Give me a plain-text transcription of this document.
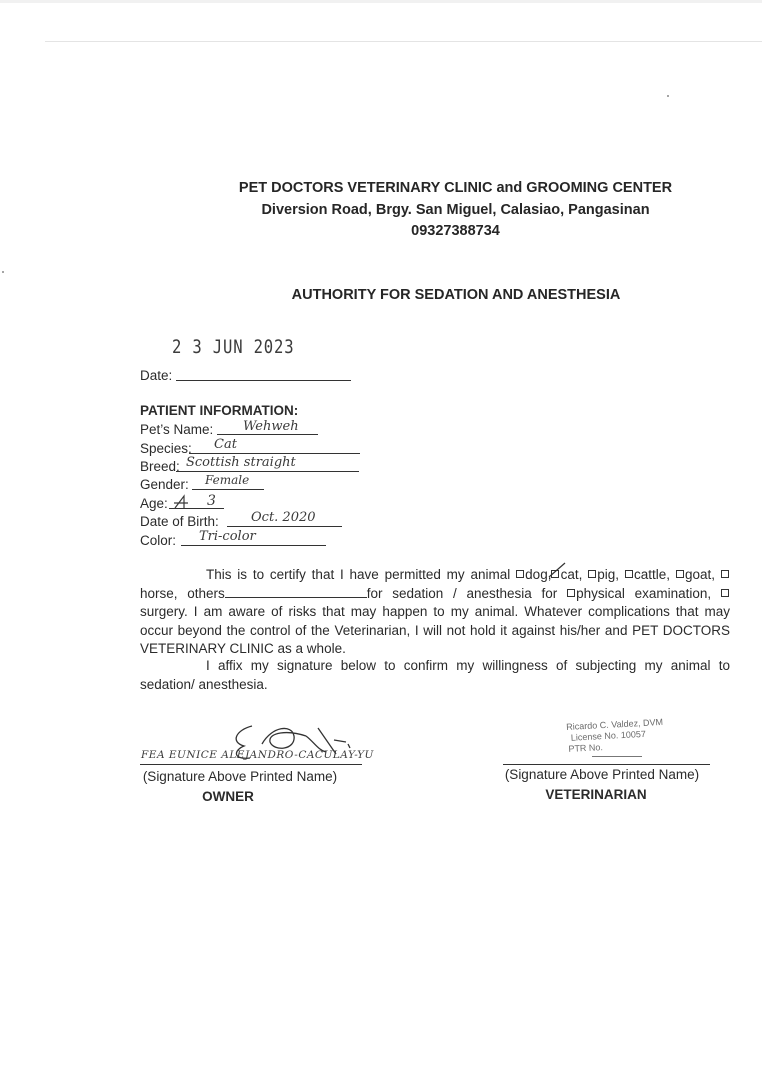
PET DOCTORS VETERINARY CLINIC and GROOMING CENTER
Diversion Road, Brgy. San Miguel, Calasiao, Pangasinan
09327388734
AUTHORITY FOR SEDATION AND ANESTHESIA
2 3 JUN 2023
Date:
PATIENT INFORMATION:
Pet’s Name: Wehweh
Species: Cat
Breed: Scottish straight
Gender: Female
Age:	3
Date of Birth: Oct. 2020
Color: Tri-color
This is to certify that I have permitted my animal   dog,
  cat,   pig,   cattle,   goat,  horse, others	for sedation / anesthesia for   physical examination,  surgery. I am aware of risks that may happen to my animal. Whatever complications that may occur beyond the control of the Veterinarian, I will not hold it against his/her and PET DOCTORS VETERINARY CLINIC as a whole.
I affix my signature below to confirm my willingness of subjecting my animal to sedation/ anesthesia.
FEA EUNICE ALEJANDRO-CACULAY-YU
(Signature Above Printed Name)
OWNER
Ricardo C. Valdez, DVM
License No. 10057
PTR No.
(Signature Above Printed Name)
VETERINARIAN
